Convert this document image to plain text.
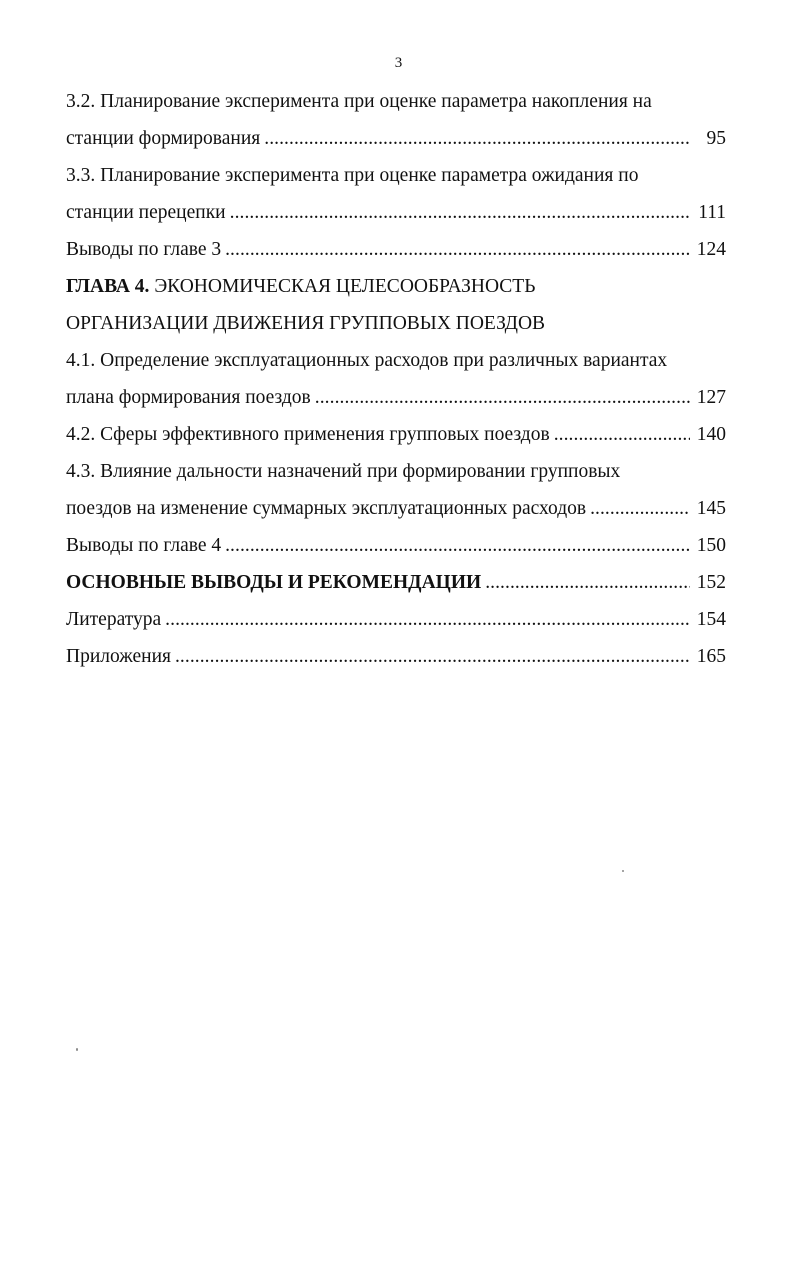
3
3.2. Планирование эксперимента при оценке параметра накопления на
станции формирования . . .	95
3.3. Планирование эксперимента при оценке параметра ожидания по
станции перецепки . . .	111
Выводы по главе 3 . . .	124
ГЛАВА 4. ЭКОНОМИЧЕСКАЯ ЦЕЛЕСООБРАЗНОСТЬ
ОРГАНИЗАЦИИ ДВИЖЕНИЯ ГРУППОВЫХ ПОЕЗДОВ
4.1. Определение эксплуатационных расходов при различных вариантах
плана формирования поездов . . .	127
4.2. Сферы эффективного применения групповых поездов . . .	140
4.3. Влияние дальности назначений при формировании групповых
поездов на изменение суммарных эксплуатационных расходов . . .	145
Выводы по главе 4 . . .	150
ОСНОВНЫЕ ВЫВОДЫ И РЕКОМЕНДАЦИИ . . .	152
Литература . . .	154
Приложения . . .	165
